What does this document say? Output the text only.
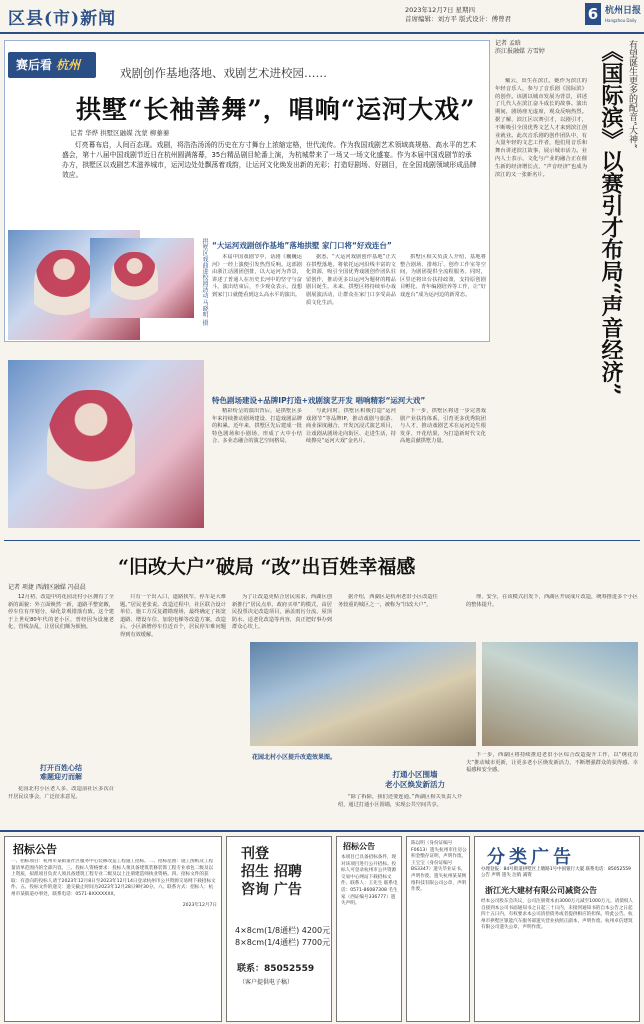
区县(市)新闻	2023年12月7日 星期四
首席编辑：刘方平 版式设计：傅曾君	6 杭州日报
Hangzhou Daily
赛后看 杭州
戏剧创作基地落地、戏剧艺术进校园……
拱墅“长袖善舞”，唱响“运河大戏”
记者 华烨 拱墅区融媒 沈蒙 柳蓁蓁
灯亮幕布启，人间百态现。戏剧，将浩浩汤汤的历史在方寸舞台上浓缩定格，世代流传。作为我国戏剧艺术领域高规格、高水平的艺术盛会，第十八届中国戏剧节近日在杭州圆满落幕，35台精品剧目轮番上演，为杭城带来了一场又一场文化盛宴。作为本届中国戏剧节的承办方，拱墅区以戏剧艺术滋养城市，运河边处处飘荡着戏韵，让运河文化焕发出新的光彩；打造好剧场、好剧目，在全国戏剧领域形成品牌效应。
拱墅区戏曲进校园活动 马晓明 摄 “大运河戏剧创作基地”落地拱墅 家门口将“好戏连台”
本届中国戏剧节中，话剧《巍巍运河》一经上演便引发热烈反响。这部剧由浙江话剧团创排，以大运河为背景，讲述了普通人在历史长河中的坚守与奋斗。演出结束后，不少观众表示，没想到家门口就能看到这么高水平的演出。
据悉，“大运河戏剧创作基地”正式在拱墅落地，将依托运河沿线丰富的文化资源，吸引全国优秀戏剧创作团队驻留创作，推动更多以运河为题材的精品剧目诞生。未来，拱墅区将持续举办戏剧展演活动，让群众在家门口享受高品质文化生活。
拱墅区相关负责人介绍，基地将整合剧场、排练厅、创作工作室等空间，为剧团提供全流程服务。同时，区里还将出台扶持政策，支持原创剧目孵化、青年编剧培养等工作，让“好戏连台”成为运河边的新常态。
特色剧场建设+品牌IP打造+戏剧演艺开发 唱响精彩“运河大戏”
精彩纷呈的演出背后，是拱墅区多年来持续推动剧场建设、打造戏剧品牌的积累。近年来，拱墅区先后建成一批特色剧场和小剧场，形成了大中小结合、多业态融合的演艺空间格局。
与此同时，拱墅区积极打造“运河戏剧节”等品牌IP，推动戏剧与旅游、商业深度融合，开发沉浸式演艺项目，让戏剧从剧场走向街区、走进生活，持续擦亮“运河大戏”金名片。
下一步，拱墅区将进一步完善戏剧产业扶持体系，引育更多优秀院团与人才，推动戏剧艺术在运河边生根发芽、开花结果，为打造新时代文化高地贡献拱墅力量。
记者 孟晗
滨江报融媒 方雪婷
戴云，出生在滨江，她作为滨江的年轻音乐人，参与了音乐剧《国际滨》的创作。该剧以城市发展为背景，讲述了几代人在滨江奋斗成长的故事。演出期间，剧场座无虚席，观众反响热烈。据了解，滨江区以赛引才，以剧引才，不断吸引全国优秀文艺人才来到滨江创业就业。此次音乐剧的创作团队中，有大量年轻的文艺工作者，他们用音乐和舞台讲述滨江故事，展示城市活力。业内人士表示，文化与产业的融合正在催生新的经济增长点，“声音经济”也成为滨江的又一张新名片。
有望诞生更多的配音“大神”
《国际滨》以赛引才布局“声音经济”
“旧改大户”破局 “改”出百姓幸福感
记者 项捷 西湖区融媒 冯晨晨
12月初，改造中的花园北村小区拥有了全新的面貌：外立面焕然一新，道路平整宽敞，停车位有序划分，绿化景观错落有致。这个建于上世纪80年代的老小区，曾经因为设施老化、管线杂乱，让居民们颇为烦恼。
打开百姓心结
难题迎刃而解
花园北村小区老人多，改造前社区多次召开居民议事会，广泛征求意见。
只有一个出入口，道路狭窄，停车是大难题。”居民老张说。改造过程中，社区联合设计单位、施工方反复踏勘现场，最终确定了拓宽道路、增设车位、加装电梯等改造方案。改造后，小区新增停车位近百个，居民停车难问题得到有效缓解。
为了让改造更贴合居民需求，西湖区创新推行“居民点单、政府买单”的模式，由居民投票决定改造项目，涵盖雨污分流、屋顶防水、适老化改造等内容，真正把好事办到群众心坎上。
花园北村小区提升改造效果图。
打通小区围墙
老小区焕发新活力
据介绍，西湖区是杭州老旧小区改造任务较重的城区之一，被称为“旧改大户”。
“除了拆除，我们还要连通。”西湖区相关负责人介绍，通过打通小区围墙，实现公共空间共享。
理、安全，在该模式启发下，西湖区开展成片改造，统筹推进多个小区的整体提升。
下一步，西湖区将持续推进老旧小区综合改造提升工作，以“绣花功夫”推动城市更新，让更多老小区焕发新活力，不断增强群众的获得感、幸福感和安全感。
招标公告
一、招标项目：杭州市某街道社区服务中心装修改造工程施工招标。二、招标范围：施工图纸及工程量清单范围内的全部内容。三、投标人资格要求：投标人须具备建筑装修装饰工程专业承包二级及以上资质，拟派项目负责人须具备建筑工程专业二级及以上注册建造师执业资格。四、招标文件的获取：有意向的投标人请于2023年12月8日至2023年12月14日登录杭州市公共资源交易网下载招标文件。五、投标文件的递交：递交截止时间为2023年12月28日9时30分。六、联系方式：招标人：杭州市某街道办事处，联系电话：0571-8XXXXXXX。
2023年12月7日
刊登
招生 招聘
咨询 广告
4×8cm(1/8通栏) 4200元
8×8cm(1/4通栏) 7700元
联系：85052559
（客户提供电子稿）
招标公告
本项目已具备招标条件，现对该项目进行公开招标。投标人可登录杭州市公共资源交易中心网站下载招标文件。联系人：王先生 联系电话：0571-86087308 毛生家（西证编号336777）遗失声明。
陈以明（身份证编号F0613）遗失杭州市住房公积金缴存证明，声明作废。王宝宝（身份证编号BS3347）遗失毕业证书，声明作废。遗失杭州某某网络科技有限公司公章，声明作废。
分类广告
办理登报：84号街道拱墅区上塘路1号中国银行大厦 联系电话：85052559 公告 声明 遗失 注销 减资
浙江光大建材有限公司减资公告
经本公司股东会决议，公司注册资本由3000万元减至1000万元。请债权人自接到本公司书面通知书之日起三十日内，未接到通知书的自本公告之日起四十五日内，有权要求本公司清偿债务或者提供相应的担保。特此公告。杭州市拱墅区银能汽车服务部遗失营业执照正副本，声明作废。杭州卓信建筑有限公司遗失公章，声明作废。
